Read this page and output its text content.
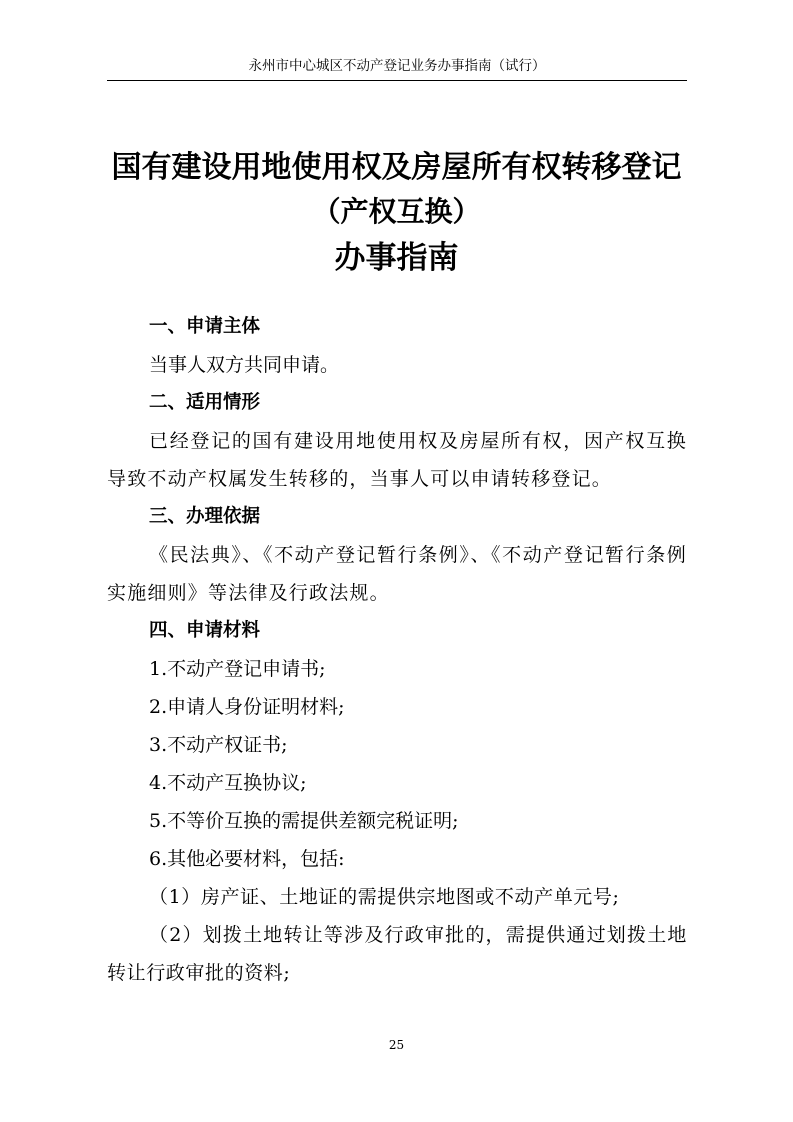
永州市中心城区不动产登记业务办事指南（试行）
国有建设用地使用权及房屋所有权转移登记
（产权互换）
办事指南

一、申请主体

当事人双方共同申请。

二、适用情形

已经登记的国有建设用地使用权及房屋所有权，因产权互换导致不动产权属发生转移的，当事人可以申请转移登记。

三、办理依据

《民法典》、《不动产登记暂行条例》、《不动产登记暂行条例实施细则》等法律及行政法规。

四、申请材料

1.不动产登记申请书;

2.申请人身份证明材料;

3.不动产权证书;

4.不动产互换协议;

5.不等价互换的需提供差额完税证明;

6.其他必要材料，包括:

（1）房产证、土地证的需提供宗地图或不动产单元号;

（2）划拨土地转让等涉及行政审批的，需提供通过划拨土地转让行政审批的资料;

25
